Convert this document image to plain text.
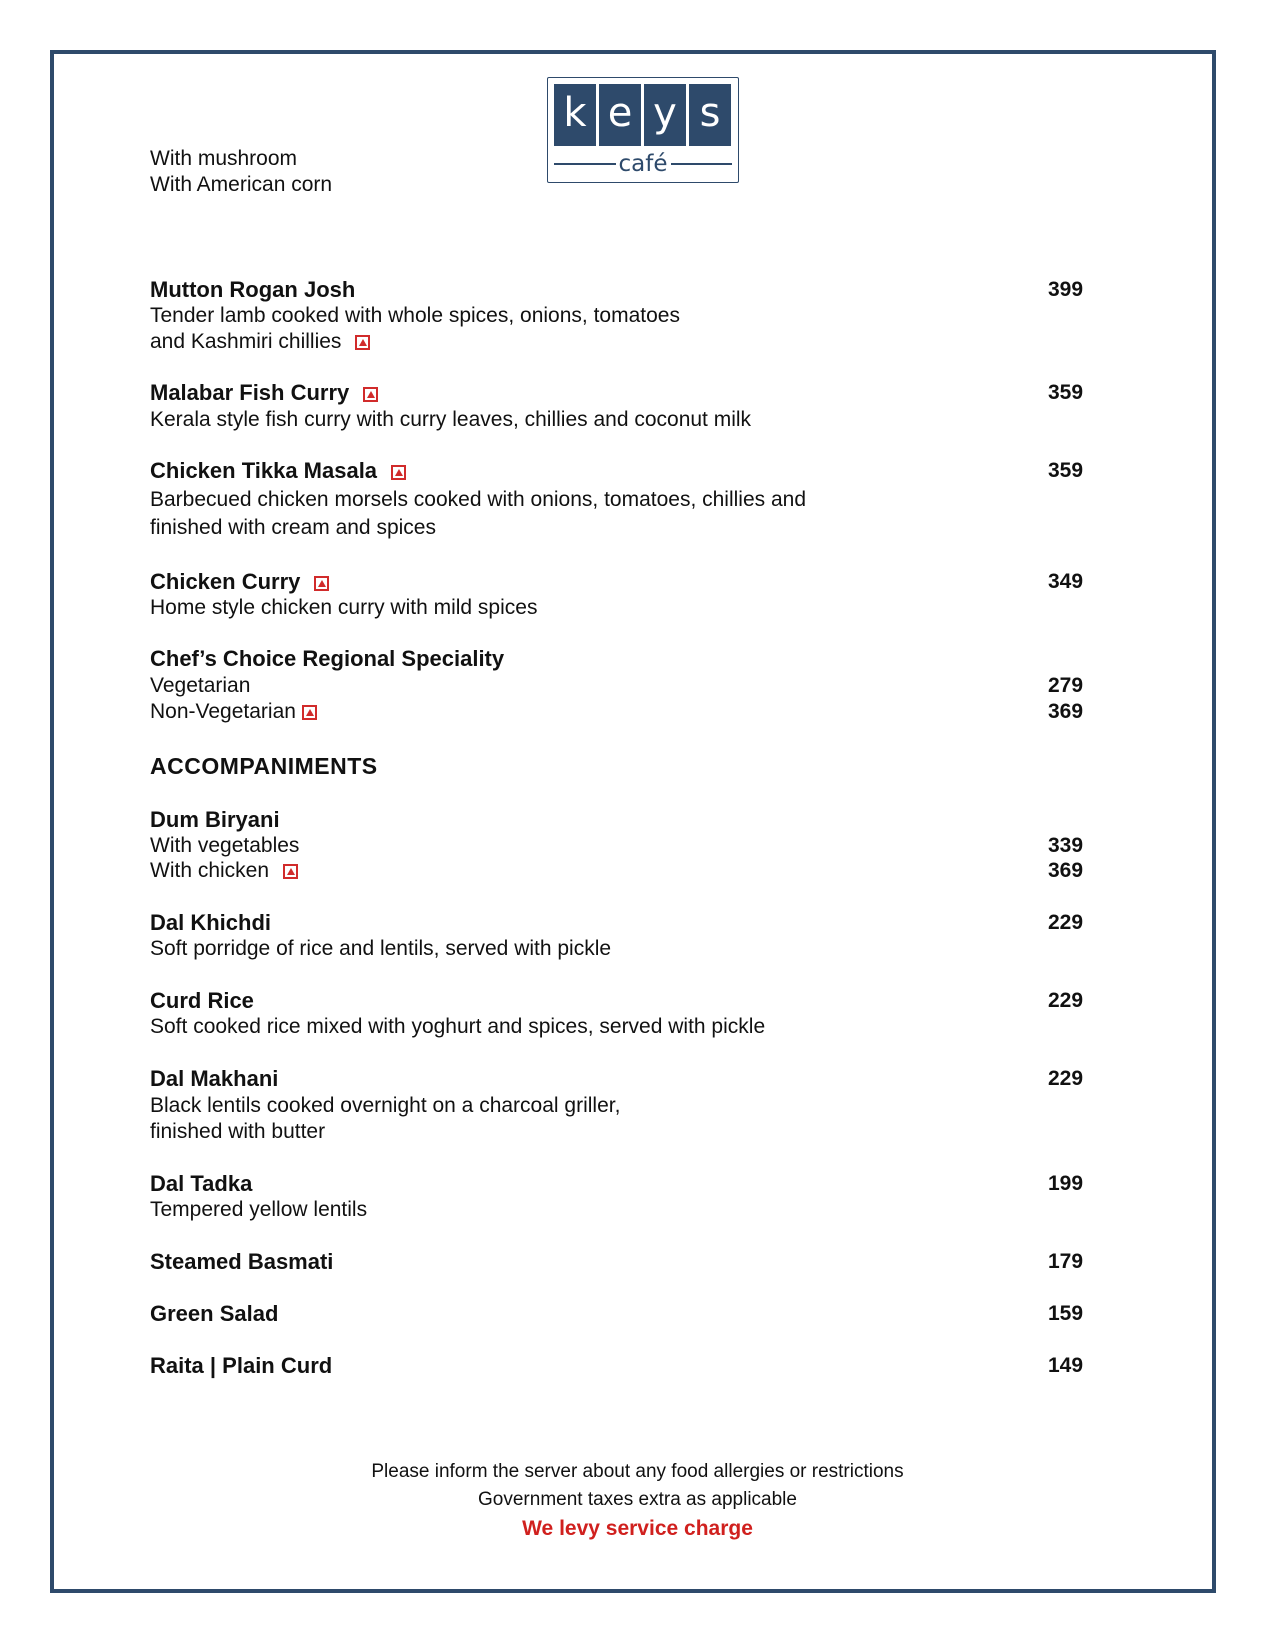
k e y s
café
With mushroom
With American corn
Mutton Rogan Josh	399
Tender lamb cooked with whole spices, onions, tomatoes
and Kashmiri chillies
Malabar Fish Curry	359
Kerala style fish curry with curry leaves, chillies and coconut milk
Chicken Tikka Masala	359
Barbecued chicken morsels cooked with onions, tomatoes, chillies and
finished with cream and spices
Chicken Curry	349
Home style chicken curry with mild spices
Chef’s Choice Regional Speciality
Vegetarian	279
Non-Vegetarian	369
ACCOMPANIMENTS
Dum Biryani
With vegetables	339
With chicken	369
Dal Khichdi	229
Soft porridge of rice and lentils, served with pickle
Curd Rice	229
Soft cooked rice mixed with yoghurt and spices, served with pickle
Dal Makhani	229
Black lentils cooked overnight on a charcoal griller,
finished with butter
Dal Tadka	199
Tempered yellow lentils
Steamed Basmati	179
Green Salad	159
Raita | Plain Curd	149
Please inform the server about any food allergies or restrictions
Government taxes extra as applicable
We levy service charge
